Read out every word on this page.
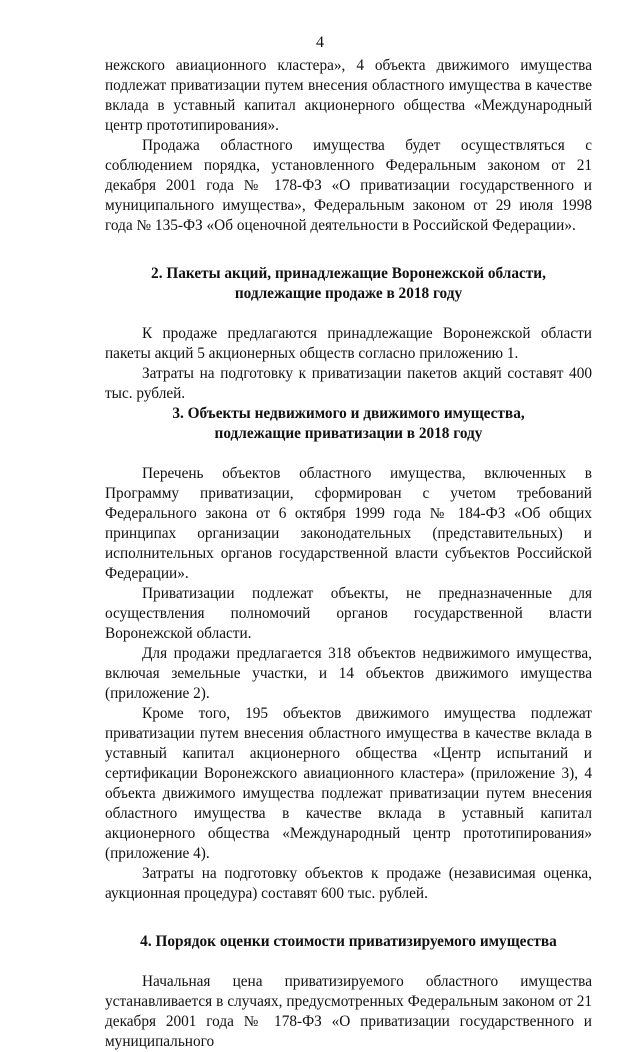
4

нежского авиационного кластера», 4 объекта движимого имущества подлежат приватизации путем внесения областного имущества в качестве вклада в уставный капитал акционерного общества «Международный центр прототипирования».

Продажа областного имущества будет осуществляться с соблюдением порядка, установленного Федеральным законом от 21 декабря 2001 года № 178-ФЗ «О приватизации государственного и муниципального имущества», Федеральным законом от 29 июля 1998 года № 135-ФЗ «Об оценочной деятельности в Российской Федерации».

2. Пакеты акций, принадлежащие Воронежской области,
подлежащие продаже в 2018 году

К продаже предлагаются принадлежащие Воронежской области пакеты акций 5 акционерных обществ согласно приложению 1.

Затраты на подготовку к приватизации пакетов акций составят 400 тыс. рублей.

3. Объекты недвижимого и движимого имущества,
подлежащие приватизации в 2018 году

Перечень объектов областного имущества, включенных в Программу приватизации, сформирован с учетом требований Федерального закона от 6 октября 1999 года № 184-ФЗ «Об общих принципах организации законодательных (представительных) и исполнительных органов государственной власти субъектов Российской Федерации».

Приватизации подлежат объекты, не предназначенные для осуществления полномочий органов государственной власти Воронежской области.

Для продажи предлагается 318 объектов недвижимого имущества, включая земельные участки, и 14 объектов движимого имущества (приложение 2).

Кроме того, 195 объектов движимого имущества подлежат приватизации путем внесения областного имущества в качестве вклада в уставный капитал акционерного общества «Центр испытаний и сертификации Воронежского авиационного кластера» (приложение 3), 4 объекта движимого имущества подлежат приватизации путем внесения областного имущества в качестве вклада в уставный капитал акционерного общества «Международный центр прототипирования» (приложение 4).

Затраты на подготовку объектов к продаже (независимая оценка, аукционная процедура) составят 600 тыс. рублей.

4. Порядок оценки стоимости приватизируемого имущества

Начальная цена приватизируемого областного имущества устанавливается в случаях, предусмотренных Федеральным законом от 21 декабря 2001 года № 178-ФЗ «О приватизации государственного и муниципального
